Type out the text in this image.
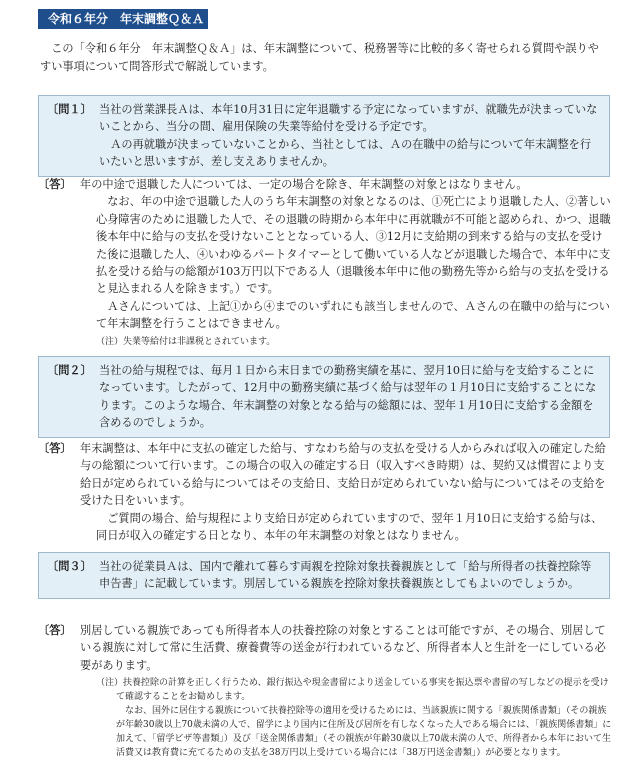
令和６年分　年末調整Ｑ＆Ａ

この「令和６年分　年末調整Ｑ＆Ａ」は、年末調整について、税務署等に比較的多く寄せられる質問や誤りやすい事項について問答形式で解説しています。

〔問１〕 当社の営業課長Ａは、本年10月31日に定年退職する予定になっていますが、就職先が決まっていないことから、当分の間、雇用保険の失業等給付を受ける予定です。

Ａの再就職が決まっていないことから、当社としては、Ａの在職中の給与について年末調整を行いたいと思いますが、差し支えありませんか。

〔答〕 年の中途で退職した人については、一定の場合を除き、年末調整の対象とはなりません。

なお、年の中途で退職した人のうち年末調整の対象となるのは、①死亡により退職した人、②著しい心身障害のために退職した人で、その退職の時期から本年中に再就職が不可能と認められ、かつ、退職後本年中に給与の支払を受けないこととなっている人、③12月に支給期の到来する給与の支払を受けた後に退職した人、④いわゆるパートタイマーとして働いている人などが退職した場合で、本年中に支払を受ける給与の総額が103万円以下である人（退職後本年中に他の勤務先等から給与の支払を受けると見込まれる人を除きます。）です。

Ａさんについては、上記①から④までのいずれにも該当しませんので、Ａさんの在職中の給与について年末調整を行うことはできません。

（注）失業等給付は非課税とされています。
〔問２〕 当社の給与規程では、毎月１日から末日までの勤務実績を基に、翌月10日に給与を支給することになっています。したがって、12月中の勤務実績に基づく給与は翌年の１月10日に支給することになります。このような場合、年末調整の対象となる給与の総額には、翌年１月10日に支給する金額を含めるのでしょうか。

〔答〕 年末調整は、本年中に支払の確定した給与、すなわち給与の支払を受ける人からみれば収入の確定した給与の総額について行います。この場合の収入の確定する日（収入すべき時期）は、契約又は慣習により支給日が定められている給与についてはその支給日、支給日が定められていない給与についてはその支給を受けた日をいいます。

ご質問の場合、給与規程により支給日が定められていますので、翌年１月10日に支給する給与は、同日が収入の確定する日となり、本年の年末調整の対象とはなりません。

〔問３〕 当社の従業員Ａは、国内で離れて暮らす両親を控除対象扶養親族として「給与所得者の扶養控除等申告書」に記載しています。別居している親族を控除対象扶養親族としてもよいのでしょうか。

〔答〕 別居している親族であっても所得者本人の扶養控除の対象とすることは可能ですが、その場合、別居している親族に対して常に生活費、療養費等の送金が行われているなど、所得者本人と生計を一にしている必要があります。

（注）扶養控除の計算を正しく行うため、銀行振込や現金書留により送金している事実を振込票や書留の写しなどの提示を受けて確認することをお勧めします。
なお、国外に居住する親族について扶養控除等の適用を受けるためには、当該親族に関する「親族関係書類」（その親族が年齢30歳以上70歳未満の人で、留学により国内に住所及び居所を有しなくなった人である場合には、「親族関係書類」に加えて、「留学ビザ等書類」）及び「送金関係書類」（その親族が年齢30歳以上70歳未満の人で、所得者から本年において生活費又は教育費に充てるための支払を38万円以上受けている場合には「38万円送金書類」）が必要となります。
